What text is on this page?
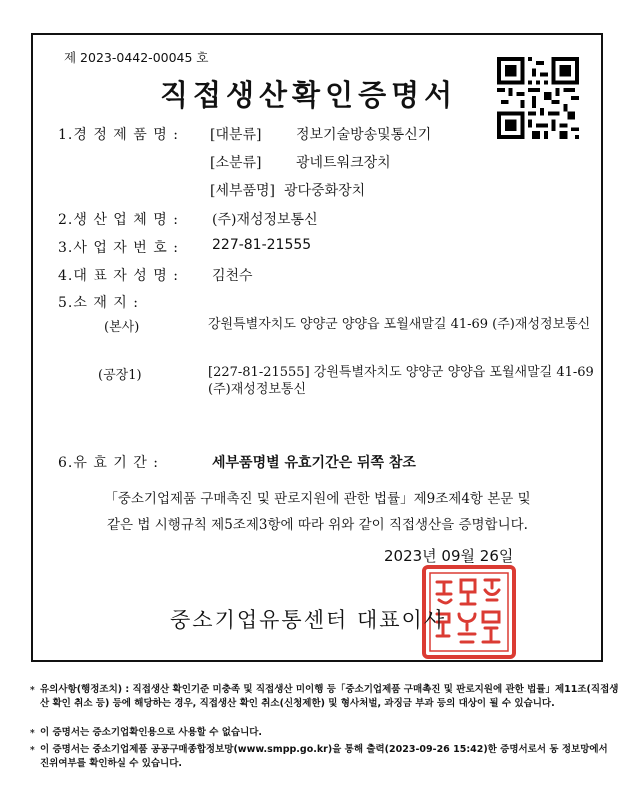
제 2023-0442-00045 호
직접생산확인증명서
1.경 정 제 품 명 : [대분류] 정보기술방송및통신기
[소분류] 광네트워크장치
[세부품명] 광다중화장치
2.생 산 업 체 명 : (주)재성정보통신
3.사 업 자 번 호 : 227-81-21555
4.대 표 자 성 명 : 김천수
5.소 재 지 :
(본사)	강원특별자치도 양양군 양양읍 포월새말길 41-69 (주)재성정보통신
(공장1)	[227-81-21555] 강원특별자치도 양양군 양양읍 포월새말길 41-69 (주)재성정보통신
6.유 효 기 간 :	세부품명별 유효기간은 뒤쪽 참조
「중소기업제품 구매촉진 및 판로지원에 관한 법률」제9조제4항 본문 및
같은 법 시행규칙 제5조제3항에 따라 위와 같이 직접생산을 증명합니다.
2023년 09월 26일
중소기업유통센터 대표이사
* 유의사항(행정조치) : 직접생산 확인기준 미충족 및 직접생산 미이행 등「중소기업제품 구매촉진 및 판로지원에 관한 법률」제11조(직접생산 확인 취소 등) 등에 해당하는 경우, 직접생산 확인 취소(신청제한) 및 형사처벌, 과징금 부과 등의 대상이 될 수 있습니다.
* 이 증명서는 증소기업확인용으로 사용할 수 없습니다.
* 이 증명서는 중소기업제품 공공구매종합정보망(www.smpp.go.kr)을 통해 출력(2023-09-26 15:42)한 증명서로서 동 정보망에서 진위여부를 확인하실 수 있습니다.
